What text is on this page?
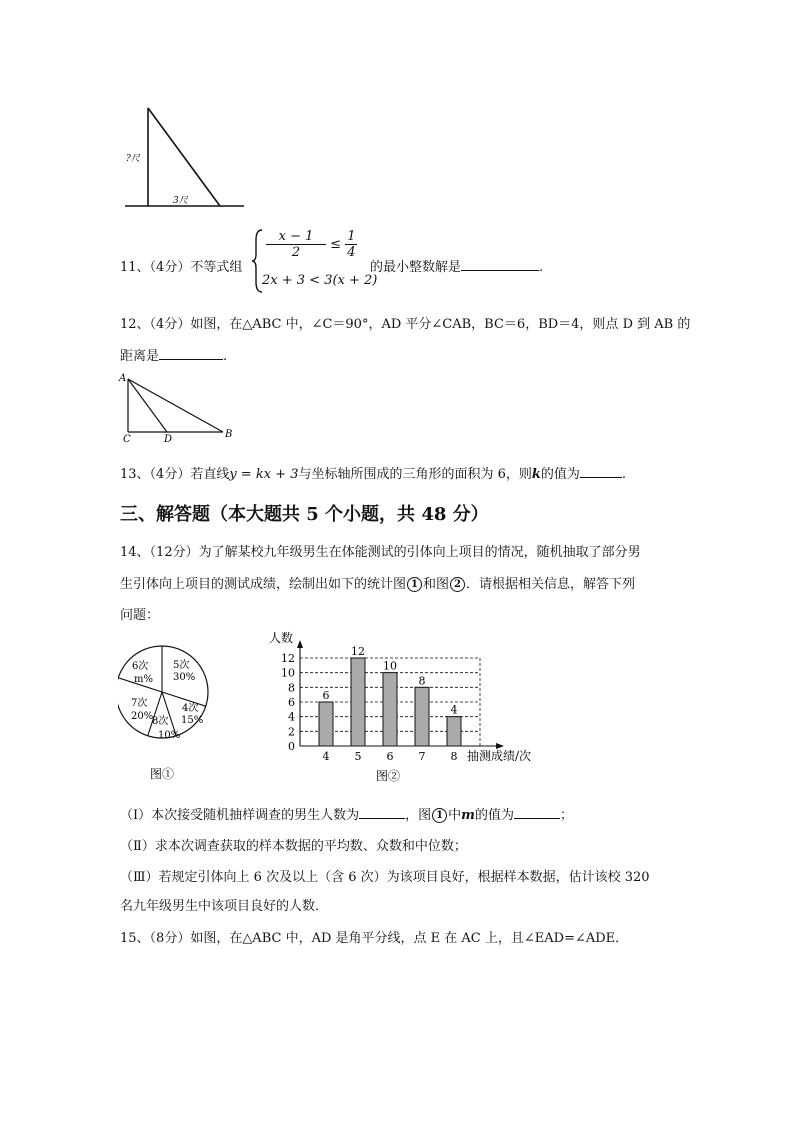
?尺
3尺
11、（4分）不等式组
$\frac{x - 1}{2} \le \frac{1}{4}$
2x + 3 < 3(x + 2)
的最小整数解是	.
12、（4分）如图，在△ABC 中，∠C＝90°，AD 平分∠CAB，BC＝6，BD＝4，则点 D 到 AB 的
距离是	.
A
C	D	B
13、（4分）若直线y = kx + 3与坐标轴所围成的三角形的面积为 6，则k的值为	.
三、解答题（本大题共 5 个小题，共 48 分）
14、（12分）为了解某校九年级男生在体能测试的引体向上项目的情况，随机抽取了部分男
生引体向上项目的测试成绩，绘制出如下的统计图 1 和图 2 ．请根据相关信息，解答下列
问题：
5次
30%
4次
15%
8次
10%
7次
20%
6次
m%
图①
人数
6
12
10
8
4
0
2
4
6
8
10
12
4 5 6 7 8 抽测成绩/次
图②
（Ⅰ）本次接受随机抽样调查的男生人数为	，图 1 中m的值为	；
（Ⅱ）求本次调查获取的样本数据的平均数、众数和中位数；
（Ⅲ）若规定引体向上 6 次及以上（含 6 次）为该项目良好，根据样本数据，估计该校 320
名九年级男生中该项目良好的人数．
15、（8分）如图，在△ABC 中，AD 是角平分线，点 E 在 AC 上，且∠EAD=∠ADE．
